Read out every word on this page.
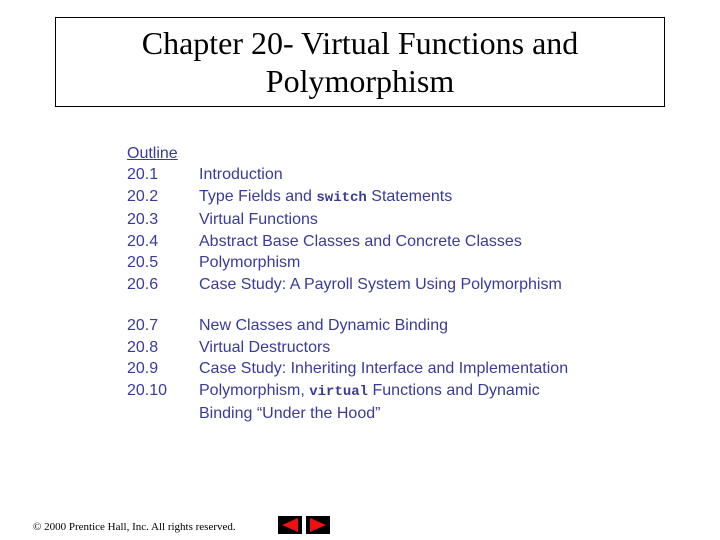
Chapter 20- Virtual Functions and
Polymorphism
Outline
20.1	Introduction
20.2	Type Fields and switch Statements
20.3	Virtual Functions
20.4	Abstract Base Classes and Concrete Classes
20.5	Polymorphism
20.6	Case Study: A Payroll System Using Polymorphism
20.7	New Classes and Dynamic Binding
20.8	Virtual Destructors
20.9	Case Study: Inheriting Interface and Implementation
20.10	Polymorphism, virtual Functions and Dynamic
Binding “Under the Hood”
© 2000 Prentice Hall, Inc. All rights reserved.
